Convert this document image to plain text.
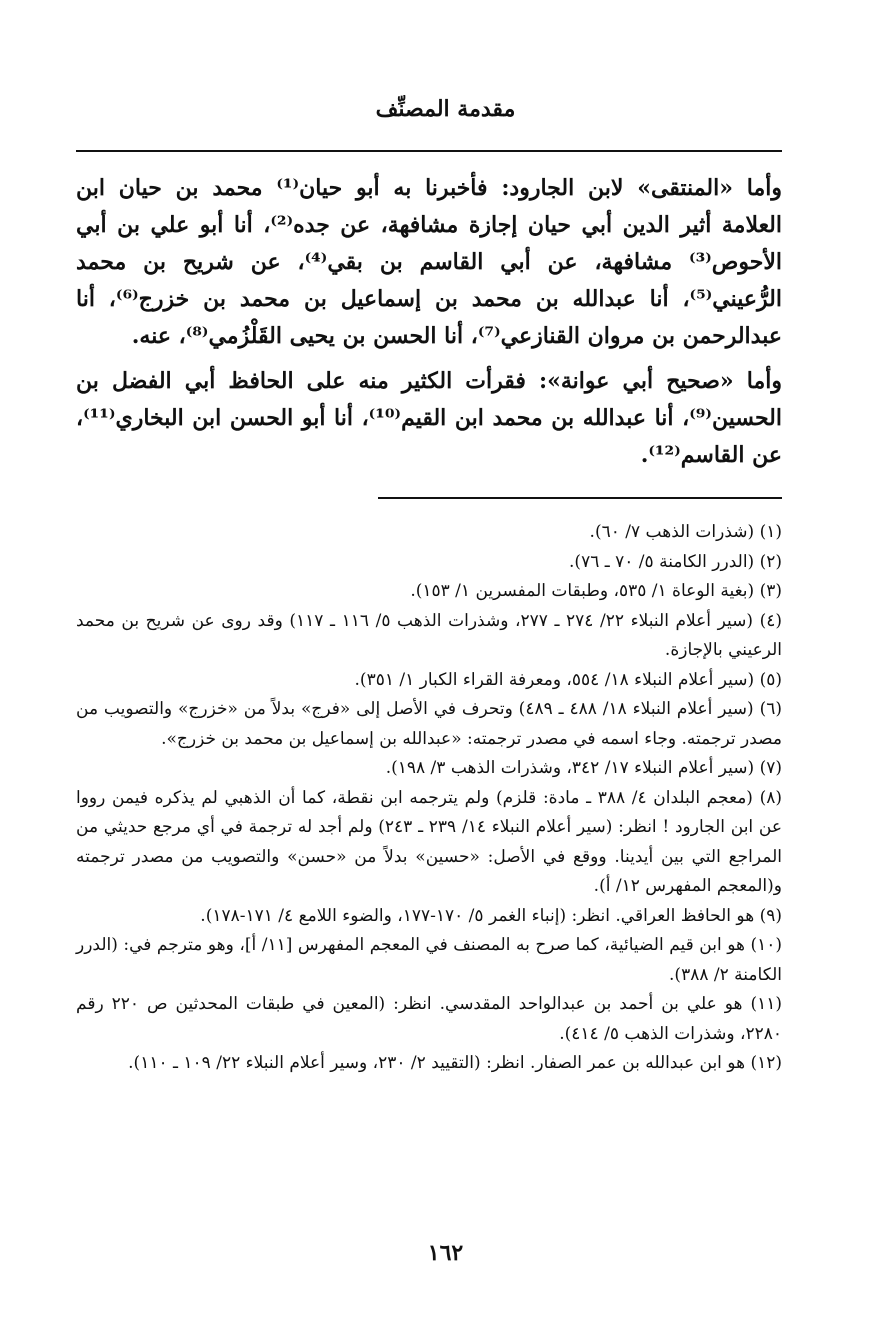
مقدمة المصنِّف

وأما «المنتقى» لابن الجارود: فأخبرنا به أبو حيان⁽¹⁾ محمد بن حيان ابن العلامة أثير الدين أبي حيان إجازة مشافهة، عن جده⁽²⁾، أنا أبو علي بن أبي الأحوص⁽³⁾ مشافهة، عن أبي القاسم بن بقي⁽⁴⁾، عن شريح بن محمد الرُّعيني⁽⁵⁾، أنا عبدالله بن محمد بن إسماعيل بن محمد بن خزرج⁽⁶⁾، أنا عبدالرحمن بن مروان القنازعي⁽⁷⁾، أنا الحسن بن يحيى القَلْزُمي⁽⁸⁾، عنه.

وأما «صحيح أبي عوانة»: فقرأت الكثير منه على الحافظ أبي الفضل بن الحسين⁽⁹⁾، أنا عبدالله بن محمد ابن القيم⁽¹⁰⁾، أنا أبو الحسن ابن البخاري⁽¹¹⁾، عن القاسم⁽¹²⁾.

(١) (شذرات الذهب ٧/ ٦٠).

(٢) (الدرر الكامنة ٥/ ٧٠ ـ ٧٦).

(٣) (بغية الوعاة ١/ ٥٣٥، وطبقات المفسرين ١/ ١٥٣).

(٤) (سير أعلام النبلاء ٢٢/ ٢٧٤ ـ ٢٧٧، وشذرات الذهب ٥/ ١١٦ ـ ١١٧) وقد روى عن شريح بن محمد الرعيني بالإجازة.

(٥) (سير أعلام النبلاء ١٨/ ٥٥٤، ومعرفة القراء الكبار ١/ ٣٥١).

(٦) (سير أعلام النبلاء ١٨/ ٤٨٨ ـ ٤٨٩) وتحرف في الأصل إلى «فرج» بدلاً من «خزرج» والتصويب من مصدر ترجمته. وجاء اسمه في مصدر ترجمته: «عبدالله بن إسماعيل بن محمد بن خزرج».

(٧) (سير أعلام النبلاء ١٧/ ٣٤٢، وشذرات الذهب ٣/ ١٩٨).

(٨) (معجم البلدان ٤/ ٣٨٨ ـ مادة: قلزم) ولم يترجمه ابن نقطة، كما أن الذهبي لم يذكره فيمن رووا عن ابن الجارود ! انظر: (سير أعلام النبلاء ١٤/ ٢٣٩ ـ ٢٤٣) ولم أجد له ترجمة في أي مرجع حديثي من المراجع التي بين أيدينا. ووقع في الأصل: «حسين» بدلاً من «حسن» والتصويب من مصدر ترجمته و(المعجم المفهرس ١٢/ أ).

(٩) هو الحافظ العراقي. انظر: (إنباء الغمر ٥/ ١٧٠-١٧٧، والضوء اللامع ٤/ ١٧١-١٧٨).

(١٠) هو ابن قيم الضيائية، كما صرح به المصنف في المعجم المفهرس [١١/ أ]، وهو مترجم في: (الدرر الكامنة ٢/ ٣٨٨).

(١١) هو علي بن أحمد بن عبدالواحد المقدسي. انظر: (المعين في طبقات المحدثين ص ٢٢٠ رقم ٢٢٨٠، وشذرات الذهب ٥/ ٤١٤).

(١٢) هو ابن عبدالله بن عمر الصفار. انظر: (التقييد ٢/ ٢٣٠، وسير أعلام النبلاء ٢٢/ ١٠٩ ـ ١١٠).

١٦٢
